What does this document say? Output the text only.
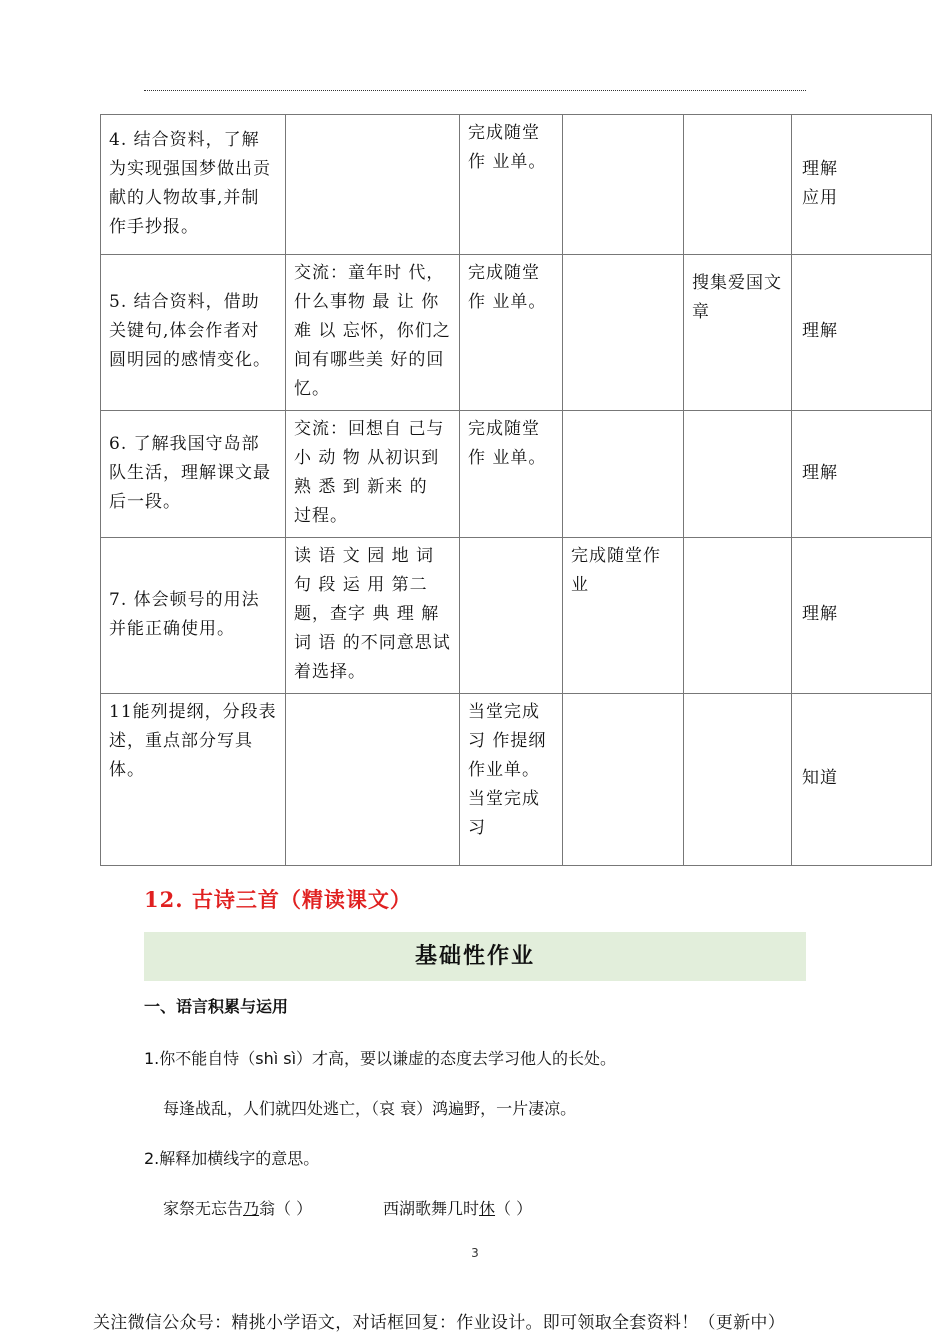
4. 结合资料，了解为实现强国梦做出贡献的人物故事,并制作手抄报。		完成随堂作 业单。			理解 应用
5. 结合资料，借助关键句,体会作者对圆明园的感情变化。	交流：童年时 代，什么事物 最 让 你 难 以 忘怀，你们之 间有哪些美 好的回忆。	完成随堂作 业单。		搜集爱国文章	理解
6. 了解我国守岛部队生活，理解课文最后一段。	交流：回想自 己与 小 动 物 从初识到熟 悉 到 新来 的 过程。	完成随堂作 业单。			理解
7. 体会顿号的用法并能正确使用。	读 语 文 园 地 词句 段 运 用 第二题，查字 典 理 解词 语 的不同意思试着选择。		完成随堂作业		理解
11能列提纲，分段表述，重点部分写具体。		当堂完成习 作提纲作业单。 当堂完成习			知道
12. 古诗三首（精读课文）
基础性作业
一、语言积累与运用
1.你不能自恃（shì sì）才高，要以谦虚的态度去学习他人的长处。
每逢战乱，人们就四处逃亡，（哀 衰）鸿遍野，一片凄凉。
2.解释加横线字的意思。
家祭无忘告乃翁（ ）	西湖歌舞几时休（ ）
3
关注微信公众号：精挑小学语文，对话框回复：作业设计。即可领取全套资料！（更新中）
